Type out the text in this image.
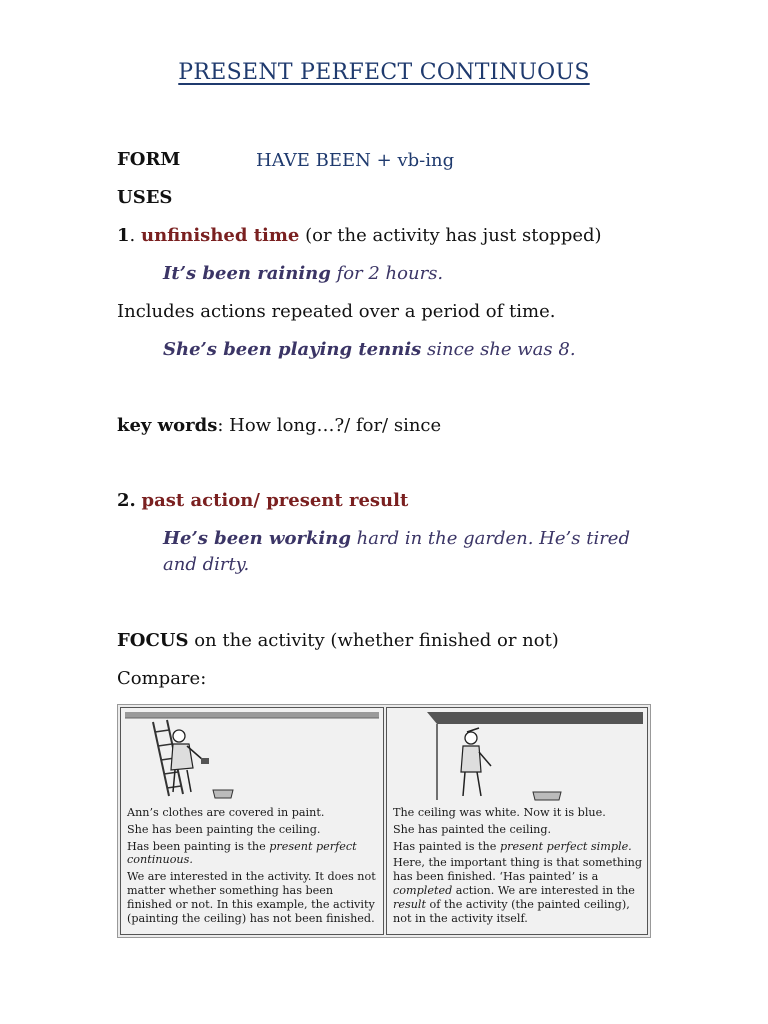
PRESENT PERFECT CONTINUOUS
FORM	HAVE BEEN + vb-ing
USES
1. unfinished time (or the activity has just stopped)
It’s been raining for 2 hours.
Includes actions repeated over a period of time.
She’s been playing tennis since she was 8.
key words: How long…?/ for/ since
2. past action/ present result
He’s been working hard in the garden. He’s tired
and dirty.
FOCUS on the activity (whether finished or not)
Compare:

Ann’s clothes are covered in paint.

She has been painting the ceiling.

Has been painting is the present perfect continuous.

We are interested in the activity. It does not matter whether something has been finished or not. In this example, the activity (painting the ceiling) has not been finished.

The ceiling was white. Now it is blue.

She has painted the ceiling.

Has painted is the present perfect simple.

Here, the important thing is that something has been finished. ‘Has painted’ is a completed action. We are interested in the result of the activity (the painted ceiling), not in the activity itself.
